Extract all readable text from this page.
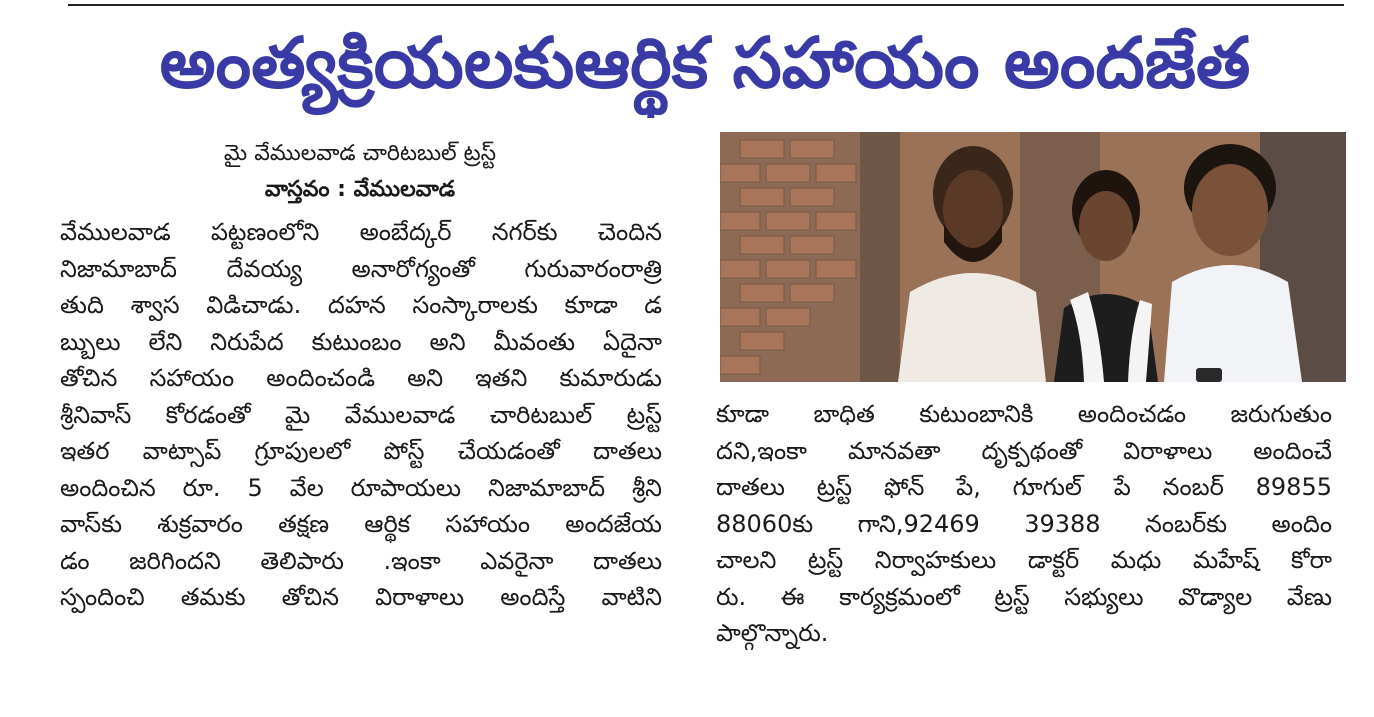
అంత్యక్రియలకుఆర్థిక సహాయం అందజేత
మై వేములవాడ చారిటబుల్ ట్రస్ట్
వాస్తవం : వేములవాడ

వేములవాడ పట్టణంలోని అంబేద్కర్ నగర్‌కు చెందిన

నిజామాబాద్ దేవయ్య అనారోగ్యంతో గురువారంరాత్రి

తుది శ్వాస విడిచాడు. దహన సంస్కారాలకు కూడా డ

బ్బులు లేని నిరుపేద కుటుంబం అని మీవంతు ఏదైనా

తోచిన సహాయం అందించండి అని ఇతని కుమారుడు

శ్రీనివాస్ కోరడంతో మై వేములవాడ చారిటబుల్ ట్రస్ట్

ఇతర వాట్సాప్ గ్రూపులలో పోస్ట్ చేయడంతో దాతలు

అందించిన రూ. 5 వేల రూపాయలు నిజామాబాద్ శ్రీని

వాస్‌కు శుక్రవారం తక్షణ ఆర్థిక సహాయం అందజేయ

డం జరిగిందని తెలిపారు .ఇంకా ఎవరైనా దాతలు

స్పందించి తమకు తోచిన విరాళాలు అందిస్తే వాటిని

కూడా బాధిత కుటుంబానికి అందించడం జరుగుతుం

దని,ఇంకా మానవతా దృక్పథంతో విరాళాలు అందించే

దాతలు ట్రస్ట్ ఫోన్ పే, గూగుల్ పే నంబర్ 89855

88060కు గాని,92469 39388 నంబర్‌కు అందిం

చాలని ట్రస్ట్ నిర్వాహకులు డాక్టర్ మధు మహేష్ కోరా

రు. ఈ కార్యక్రమంలో ట్రస్ట్ సభ్యులు వొడ్యాల వేణు

పాల్గొన్నారు.
